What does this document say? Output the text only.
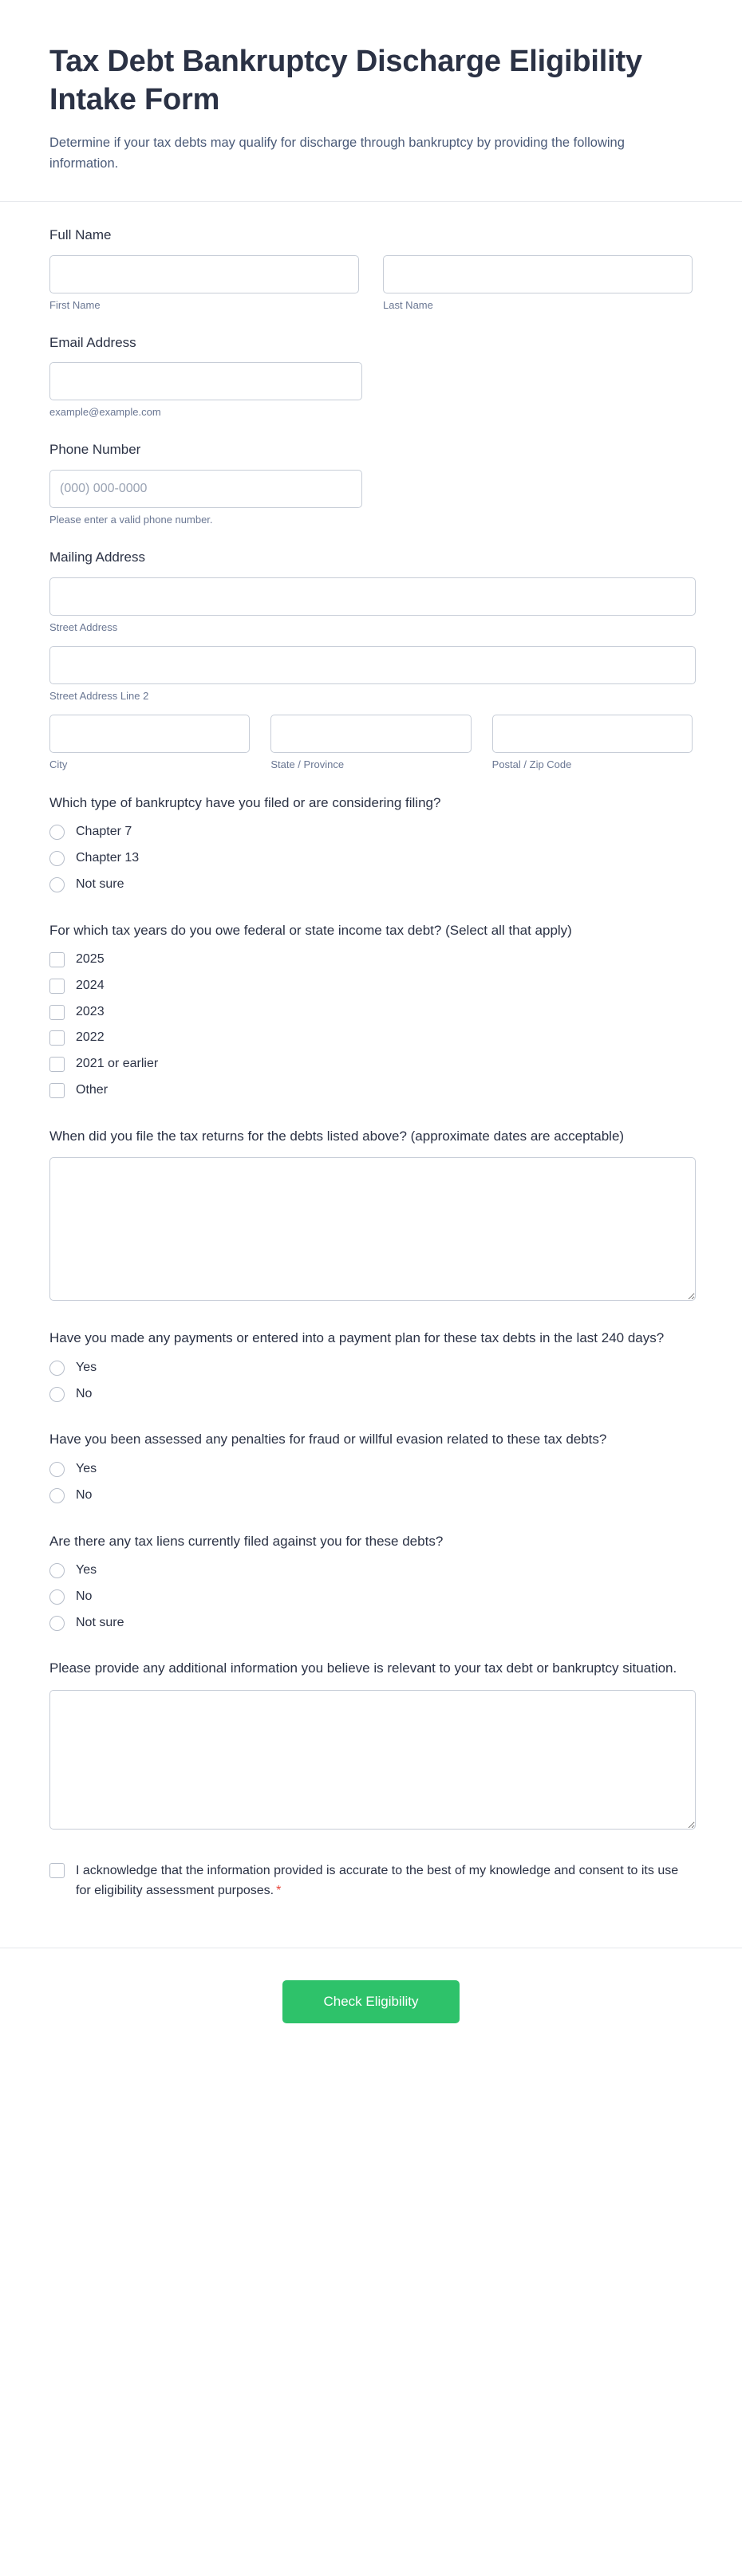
Tax Debt Bankruptcy Discharge Eligibility Intake Form

Determine if your tax debts may qualify for discharge through bankruptcy by providing the following information.

Full Name
First Name	Last Name
Email Address
example@example.com
Phone Number
(000) 000-0000
Please enter a valid phone number.
Mailing Address
Street Address
Street Address Line 2
City	State / Province	Postal / Zip Code
Which type of bankruptcy have you filed or are considering filing?
Chapter 7
Chapter 13
Not sure
For which tax years do you owe federal or state income tax debt? (Select all that apply)
2025
2024
2023
2022
2021 or earlier
Other
When did you file the tax returns for the debts listed above? (approximate dates are acceptable)
Have you made any payments or entered into a payment plan for these tax debts in the last 240 days?
Yes
No
Have you been assessed any penalties for fraud or willful evasion related to these tax debts?
Yes
No
Are there any tax liens currently filed against you for these debts?
Yes
No
Not sure
Please provide any additional information you believe is relevant to your tax debt or bankruptcy situation.
I acknowledge that the information provided is accurate to the best of my knowledge and consent to its use for eligibility assessment purposes. *
Check Eligibility
